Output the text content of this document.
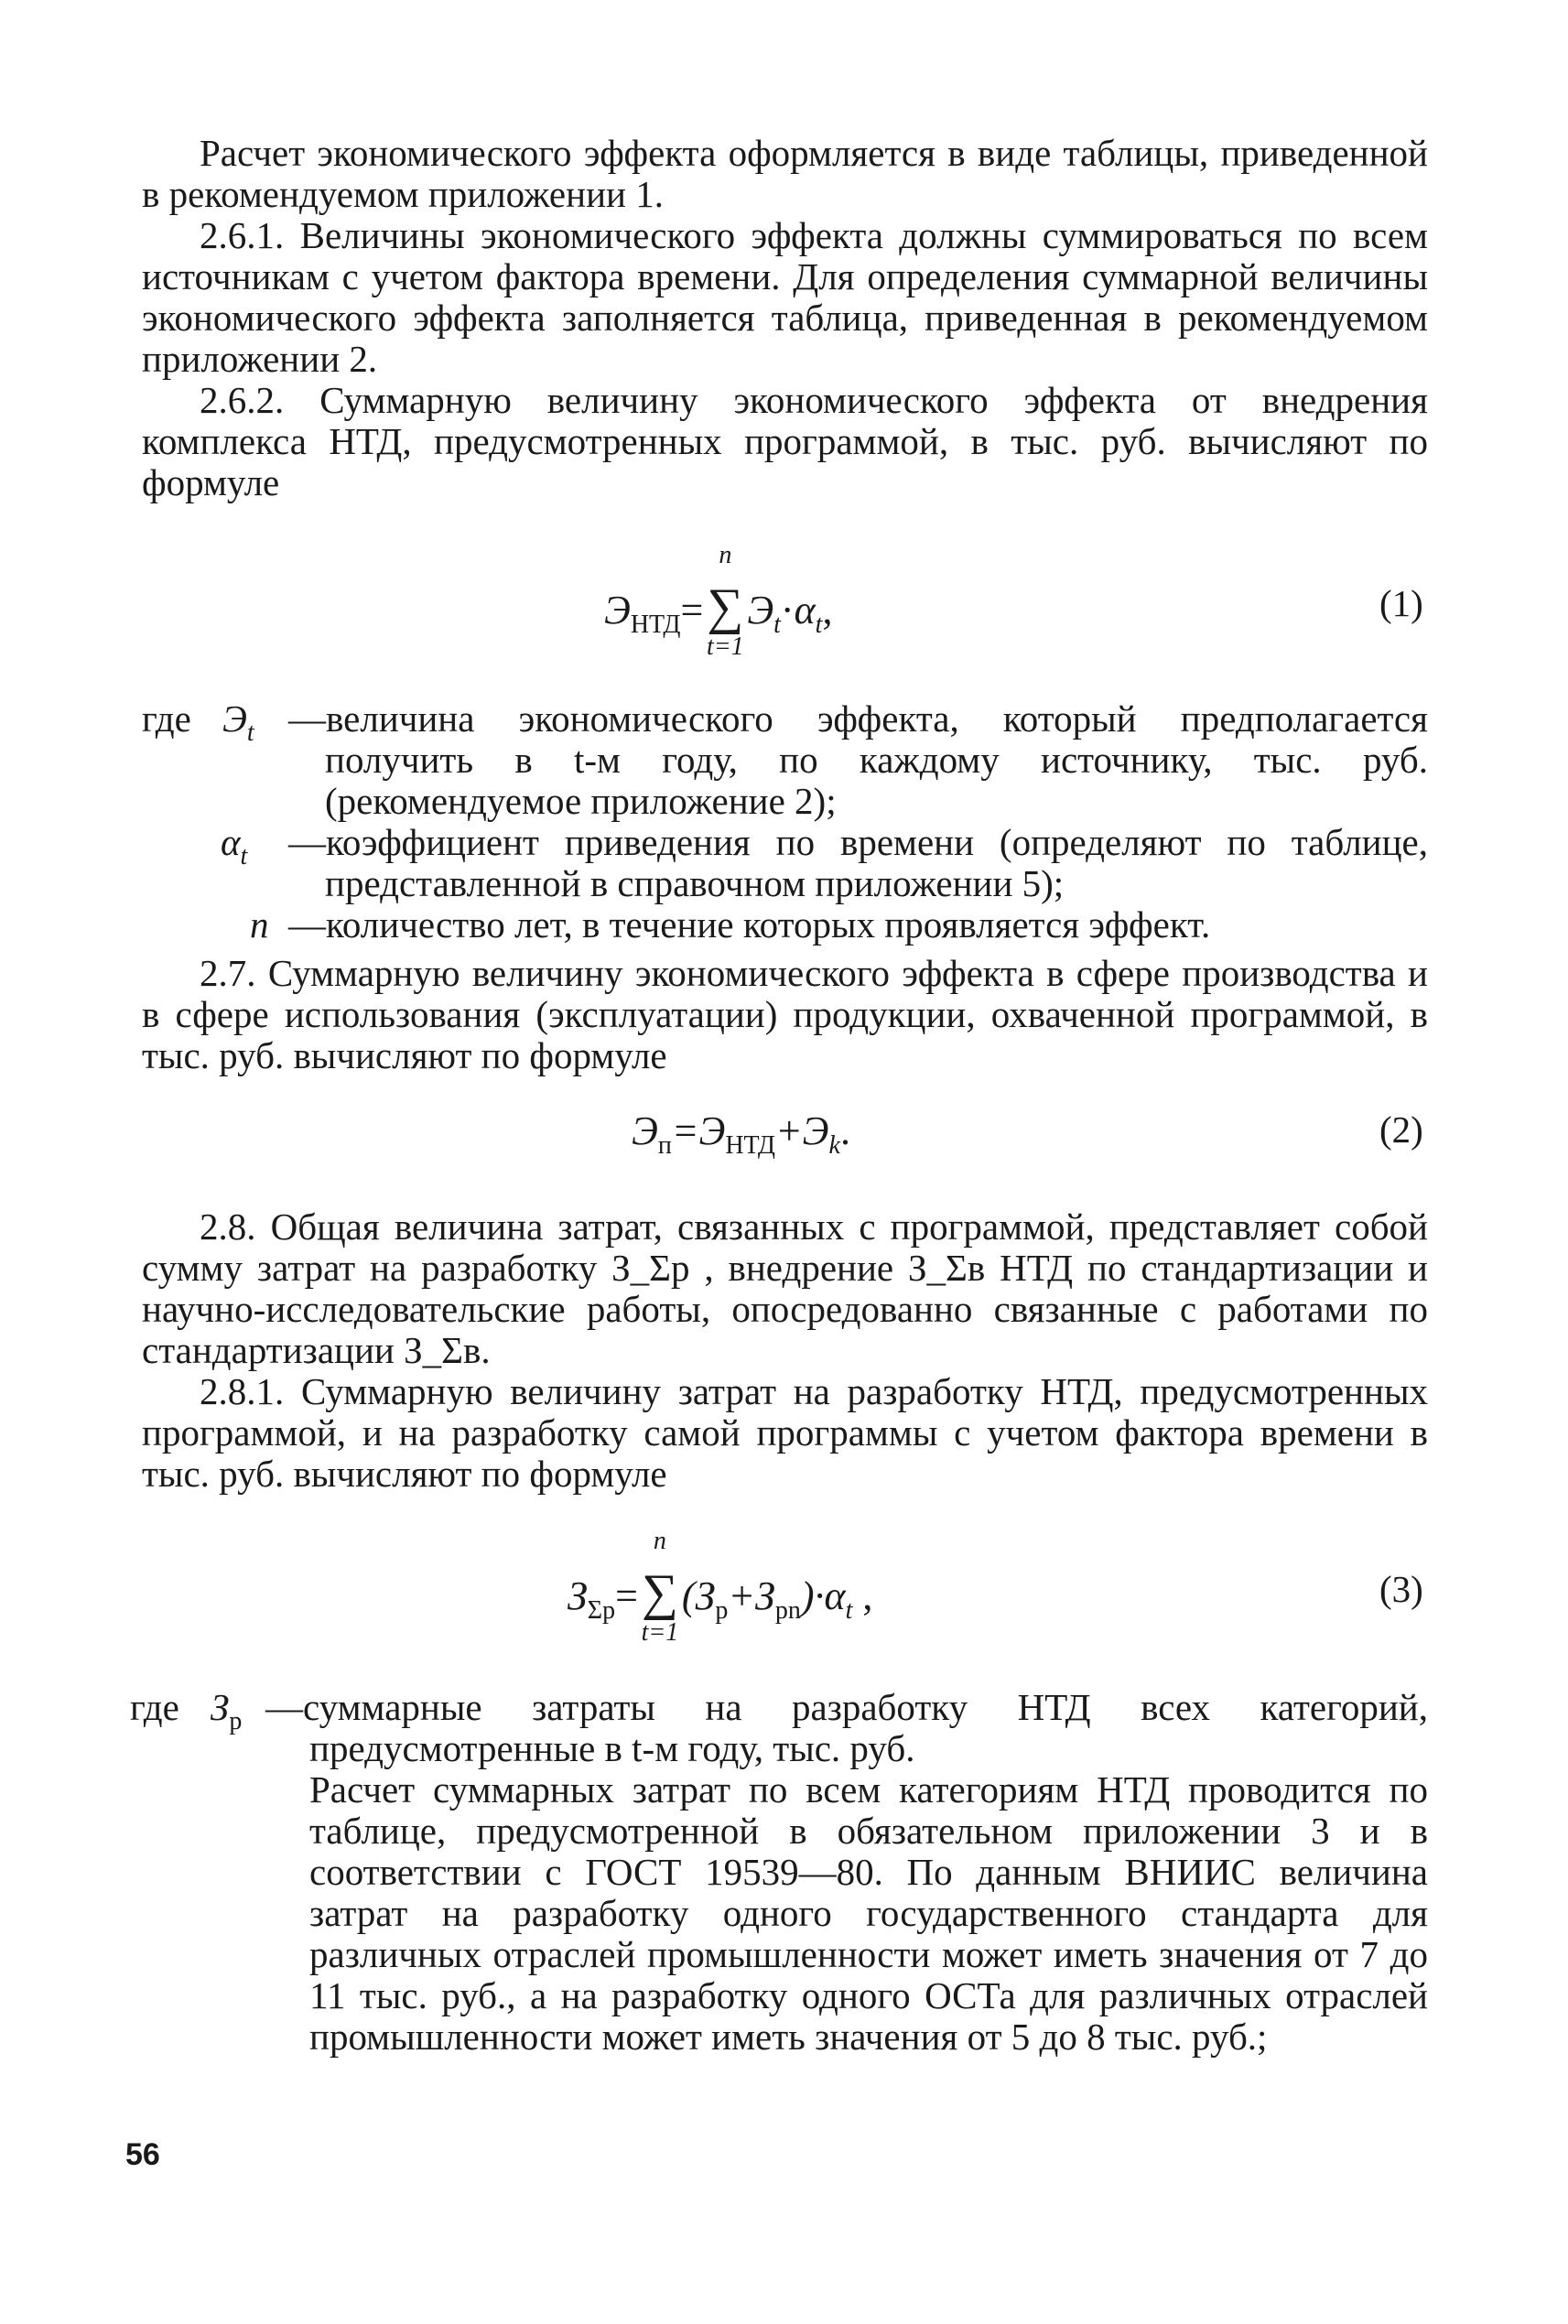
Расчет экономического эффекта оформляется в виде таблицы, приведенной в рекомендуемом приложении 1.

2.6.1. Величины экономического эффекта должны суммироваться по всем источникам с учетом фактора времени. Для определения суммарной величины экономического эффекта заполняется таблица, приведенная в рекомендуемом приложении 2.

2.6.2. Суммарную величину экономического эффекта от внедрения комплекса НТД, предусмотренных программой, в тыс. руб. вычисляют по формуле

$Э_{НТД}=$
n
∑
t=1
$Э_t\cdot\alpha_t$,	(1)
где $Э_t$ —величина экономического эффекта, который предполагается получить в t-м году, по каждому источнику, тыс. руб. (рекомендуемое приложение 2);
$\alpha_t$ —коэффициент приведения по времени (определяют по таблице, представленной в справочном приложении 5);
n —количество лет, в течение которых проявляется эффект.

2.7. Суммарную величину экономического эффекта в сфере производства и в сфере использования (эксплуатации) продукции, охваченной программой, в тыс. руб. вычисляют по формуле

$Э_п=Э_{НТД}+Э_k$.	(2)

2.8. Общая величина затрат, связанных с программой, представляет собой сумму затрат на разработку З_Σр , внедрение З_Σв НТД по стандартизации и научно-исследовательские работы, опосредованно связанные с работами по стандартизации З_Σв.

2.8.1. Суммарную величину затрат на разработку НТД, предусмотренных программой, и на разработку самой программы с учетом фактора времени в тыс. руб. вычисляют по формуле

$З_{\Sigma р}=$
n
∑
t=1
$(З_р+З_{рn})\cdot\alpha_t$ ,	(3)
где $З_р$ —суммарные затраты на разработку НТД всех категорий, предусмотренные в t-м году, тыс. руб.
Расчет суммарных затрат по всем категориям НТД проводится по таблице, предусмотренной в обязательном приложении 3 и в соответствии с ГОСТ 19539—80. По данным ВНИИС величина затрат на разработку одного государственного стандарта для различных отраслей промышленности может иметь значения от 7 до 11 тыс. руб., а на разработку одного ОСТа для различных отраслей промышленности может иметь значения от 5 до 8 тыс. руб.;
56
